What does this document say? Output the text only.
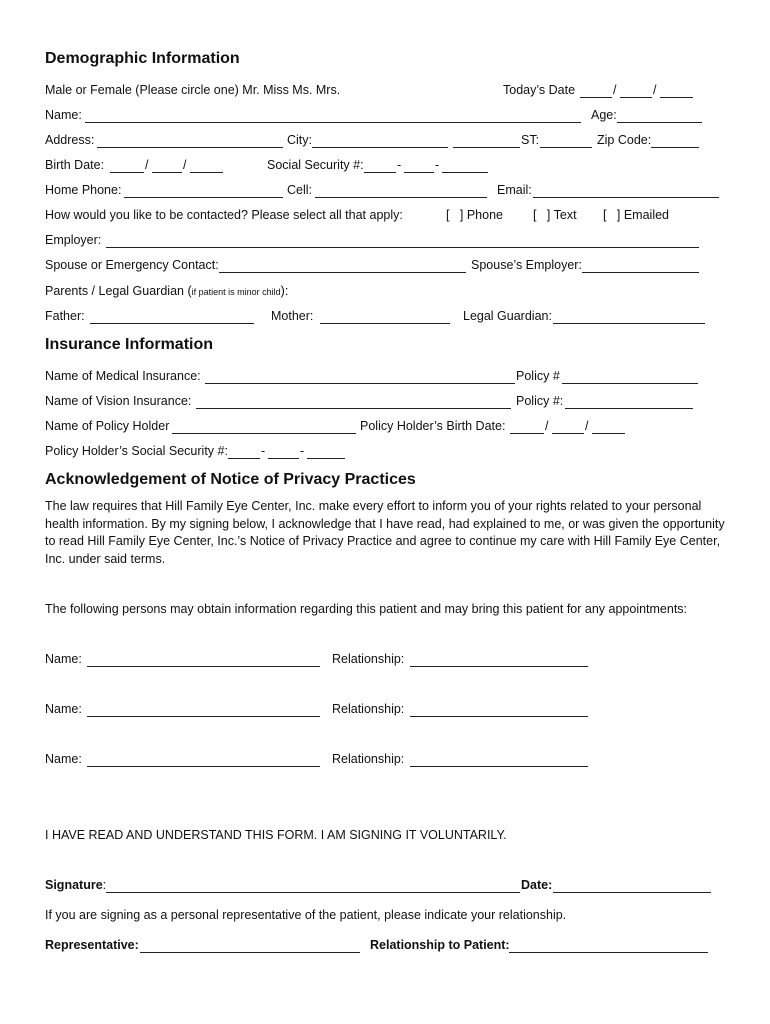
Demographic Information
Male or Female (Please circle one) Mr. Miss Ms. Mrs.	Today’s Date	/	/
Name:	Age:
Address:	City:	ST:	Zip Code:
Birth Date:	/	/	Social Security #:	-	-
Home Phone:	Cell:	Email:
How would you like to be contacted? Please select all that apply:	[   ] Phone [   ] Text [   ] Emailed
Employer:
Spouse or Emergency Contact:	Spouse’s Employer:
Parents / Legal Guardian (if patient is minor child):
Father:	Mother:	Legal Guardian:
Insurance Information
Name of Medical Insurance:	Policy #
Name of Vision Insurance:	Policy #:
Name of Policy Holder	Policy Holder’s Birth Date:	/	/
Policy Holder’s Social Security #:	-	-
Acknowledgement of Notice of Privacy Practices

The law requires that Hill Family Eye Center, Inc. make every effort to inform you of your rights related to your personal health information. By my signing below, I acknowledge that I have read, had explained to me, or was given the opportunity to read Hill Family Eye Center, Inc.’s Notice of Privacy Practice and agree to continue my care with Hill Family Eye Center, Inc. under said terms.

The following persons may obtain information regarding this patient and may bring this patient for any appointments:
Name:	Relationship:
Name:	Relationship:
Name:	Relationship:
I HAVE READ AND UNDERSTAND THIS FORM. I AM SIGNING IT VOLUNTARILY.
Signature:	Date:
If you are signing as a personal representative of the patient, please indicate your relationship.
Representative:	Relationship to Patient:
